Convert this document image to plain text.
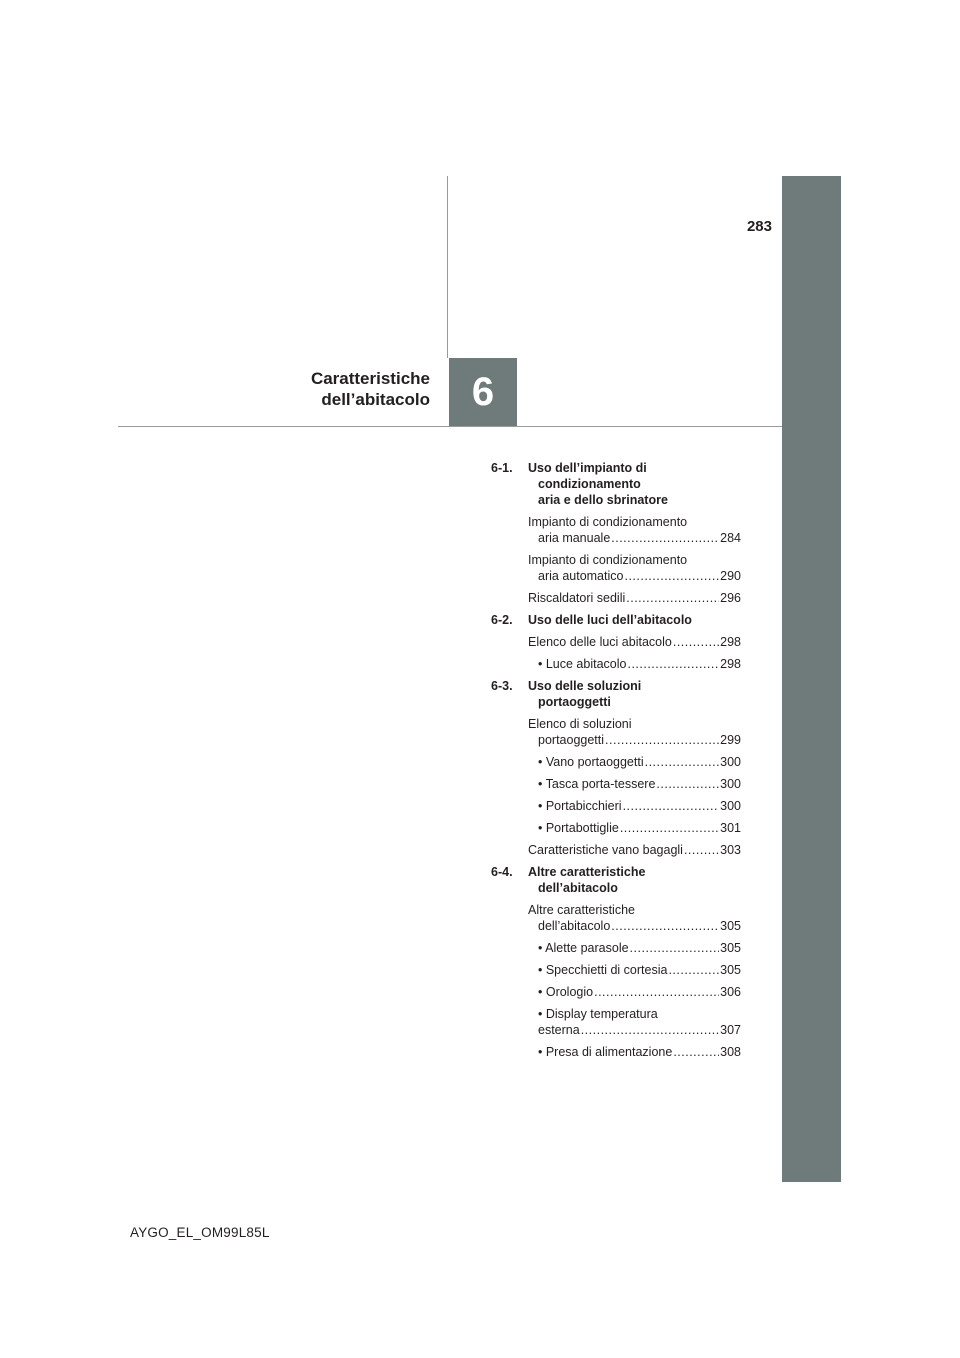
283
Caratteristiche
dell’abitacolo	6
6-1. Uso dell’impianto di
condizionamento
aria e dello sbrinatore
Impianto di condizionamento
aria manuale .....	284
Impianto di condizionamento
aria automatico .....	290
Riscaldatori sedili .....	296
6-2. Uso delle luci dell’abitacolo
Elenco delle luci abitacolo .....	298
• Luce abitacolo .....	298
6-3. Uso delle soluzioni
portaoggetti
Elenco di soluzioni
portaoggetti .....	299
• Vano portaoggetti .....	300
• Tasca porta-tessere .....	300
• Portabicchieri .....	300
• Portabottiglie .....	301
Caratteristiche vano bagagli .....	303
6-4. Altre caratteristiche
dell’abitacolo
Altre caratteristiche
dell’abitacolo .....	305
• Alette parasole .....	305
• Specchietti di cortesia .....	305
• Orologio .....	306
• Display temperatura
esterna .....	307
• Presa di alimentazione .....	308
AYGO_EL_OM99L85L
